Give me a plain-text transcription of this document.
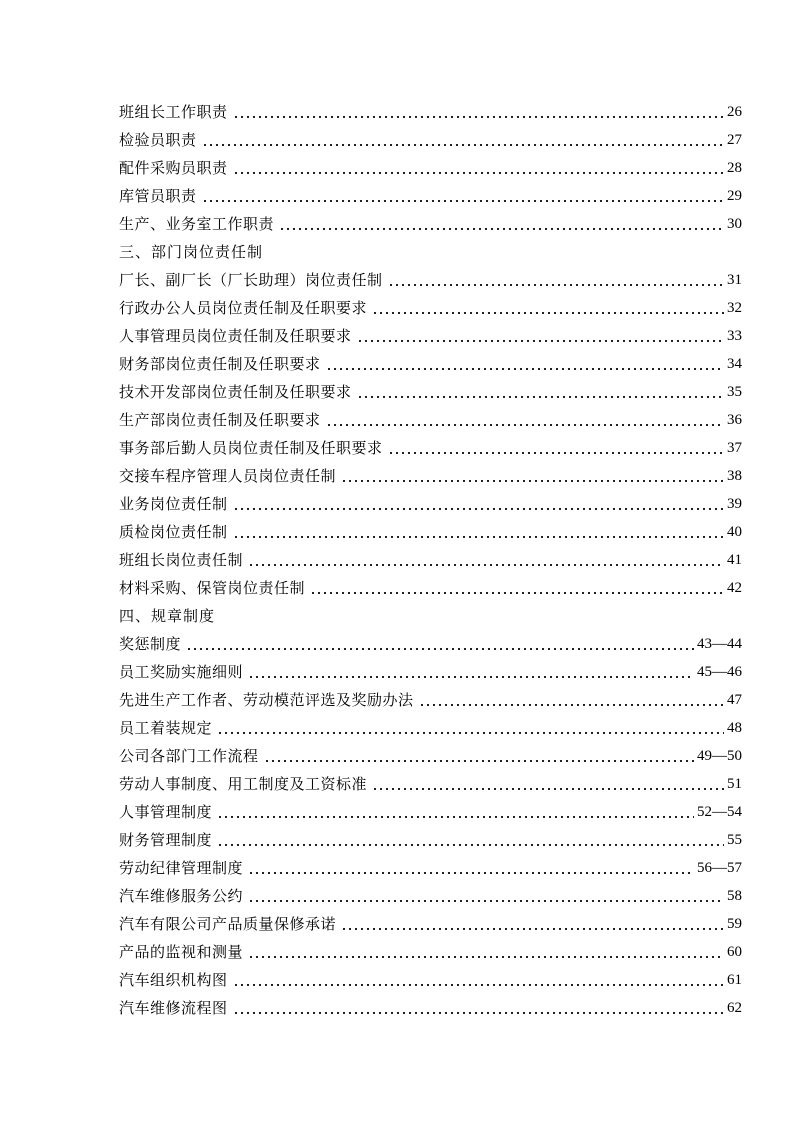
班组长工作职责	26
检验员职责	27
配件采购员职责	28
库管员职责	29
生产、业务室工作职责	30
三、部门岗位责任制
厂长、副厂长（厂长助理）岗位责任制	31
行政办公人员岗位责任制及任职要求	32
人事管理员岗位责任制及任职要求	33
财务部岗位责任制及任职要求	34
技术开发部岗位责任制及任职要求	35
生产部岗位责任制及任职要求	36
事务部后勤人员岗位责任制及任职要求	37
交接车程序管理人员岗位责任制	38
业务岗位责任制	39
质检岗位责任制	40
班组长岗位责任制	41
材料采购、保管岗位责任制	42
四、规章制度
奖惩制度	43—44
员工奖励实施细则	45—46
先进生产工作者、劳动模范评选及奖励办法	47
员工着装规定	48
公司各部门工作流程	49—50
劳动人事制度、用工制度及工资标准	51
人事管理制度	52—54
财务管理制度	55
劳动纪律管理制度	56—57
汽车维修服务公约	58
汽车有限公司产品质量保修承诺	59
产品的监视和测量	60
汽车组织机构图	61
汽车维修流程图	62
